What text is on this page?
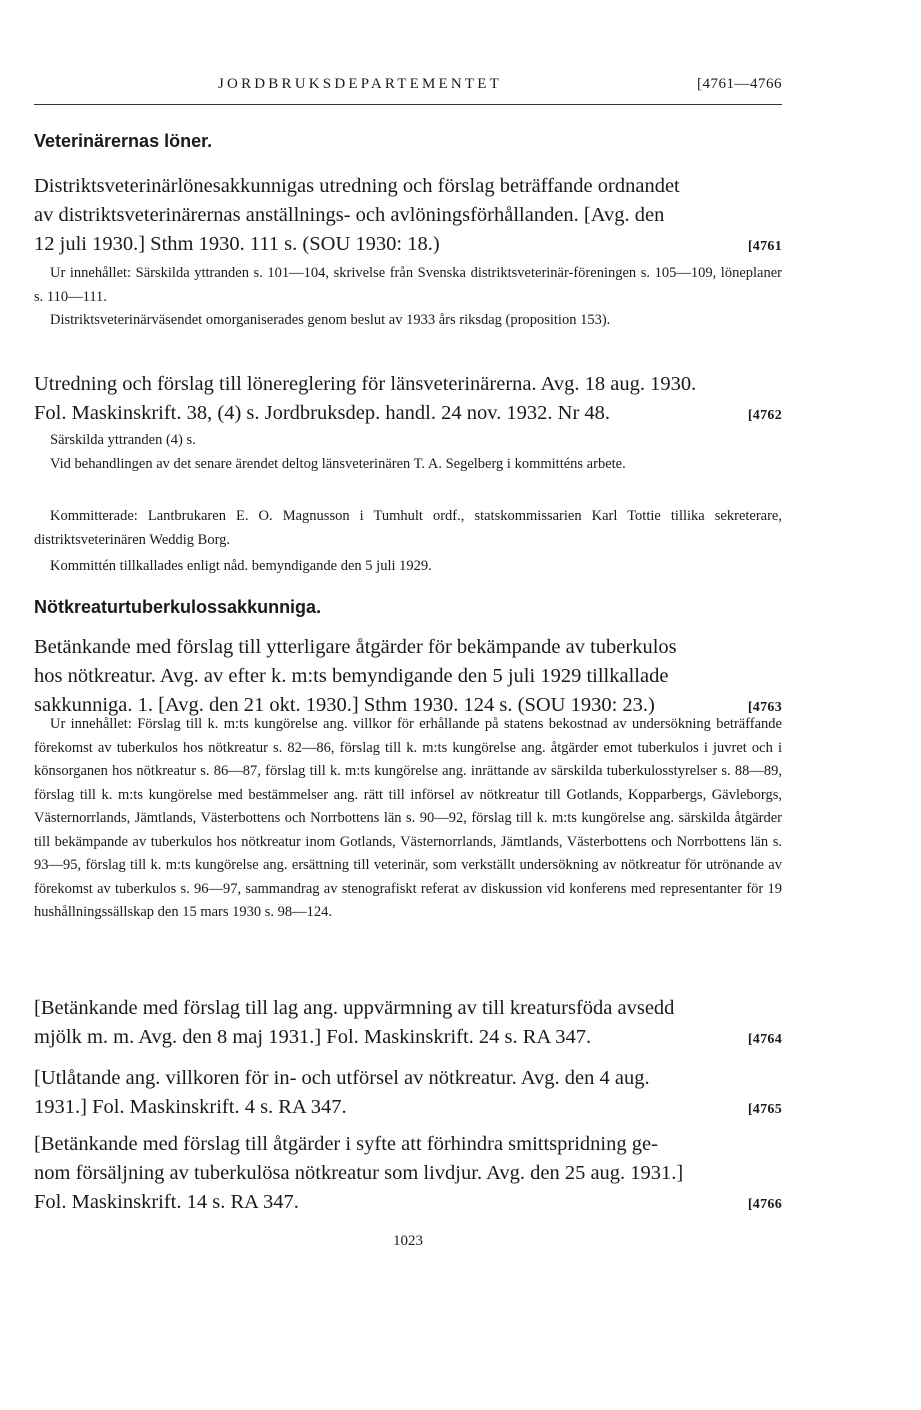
JORDBRUKSDEPARTEMENTET	[4761—4766
Veterinärernas löner.
Distriktsveterinärlönesakkunnigas utredning och förslag beträffande ordnandet
av distriktsveterinärernas anställnings- och avlöningsförhållanden. [Avg. den
12 juli 1930.] Sthm 1930. 111 s. (SOU 1930: 18.)	[4761
Ur innehållet: Särskilda yttranden s. 101—104, skrivelse från Svenska distriktsveterinär-föreningen s. 105—109, löneplaner s. 110—111.
Distriktsveterinärväsendet omorganiserades genom beslut av 1933 års riksdag (proposition 153).
Utredning och förslag till lönereglering för länsveterinärerna. Avg. 18 aug. 1930.
Fol. Maskinskrift. 38, (4) s. Jordbruksdep. handl. 24 nov. 1932. Nr 48.	[4762
Särskilda yttranden (4) s.
Vid behandlingen av det senare ärendet deltog länsveterinären T. A. Segelberg i kommitténs arbete.
Kommitterade: Lantbrukaren E. O. Magnusson i Tumhult ordf., statskommissarien Karl Tottie tillika sekreterare, distriktsveterinären Weddig Borg.
Kommittén tillkallades enligt nåd. bemyndigande den 5 juli 1929.
Nötkreaturtuberkulossakkunniga.
Betänkande med förslag till ytterligare åtgärder för bekämpande av tuberkulos
hos nötkreatur. Avg. av efter k. m:ts bemyndigande den 5 juli 1929 tillkallade
sakkunniga. 1. [Avg. den 21 okt. 1930.] Sthm 1930. 124 s. (SOU 1930: 23.)	[4763
Ur innehållet: Förslag till k. m:ts kungörelse ang. villkor för erhållande på statens bekostnad av undersökning beträffande förekomst av tuberkulos hos nötkreatur s. 82—86, förslag till k. m:ts kungörelse ang. åtgärder emot tuberkulos i juvret och i könsorganen hos nötkreatur s. 86—87, förslag till k. m:ts kungörelse ang. inrättande av särskilda tuberkulosstyrelser s. 88—89, förslag till k. m:ts kungörelse med bestämmelser ang. rätt till införsel av nötkreatur till Gotlands, Kopparbergs, Gävleborgs, Västernorrlands, Jämtlands, Västerbottens och Norrbottens län s. 90—92, förslag till k. m:ts kungörelse ang. särskilda åtgärder till bekämpande av tuberkulos hos nötkreatur inom Gotlands, Västernorrlands, Jämtlands, Västerbottens och Norrbottens län s. 93—95, förslag till k. m:ts kungörelse ang. ersättning till veterinär, som verkställt undersökning av nötkreatur för utrönande av förekomst av tuberkulos s. 96—97, sammandrag av stenografiskt referat av diskussion vid konferens med representanter för 19 hushållningssällskap den 15 mars 1930 s. 98—124.
[Betänkande med förslag till lag ang. uppvärmning av till kreatursföda avsedd
mjölk m. m. Avg. den 8 maj 1931.] Fol. Maskinskrift. 24 s. RA 347.	[4764
[Utlåtande ang. villkoren för in- och utförsel av nötkreatur. Avg. den 4 aug.
1931.] Fol. Maskinskrift. 4 s. RA 347.	[4765
[Betänkande med förslag till åtgärder i syfte att förhindra smittspridning ge-
nom försäljning av tuberkulösa nötkreatur som livdjur. Avg. den 25 aug. 1931.]
Fol. Maskinskrift. 14 s. RA 347.	[4766
1023
